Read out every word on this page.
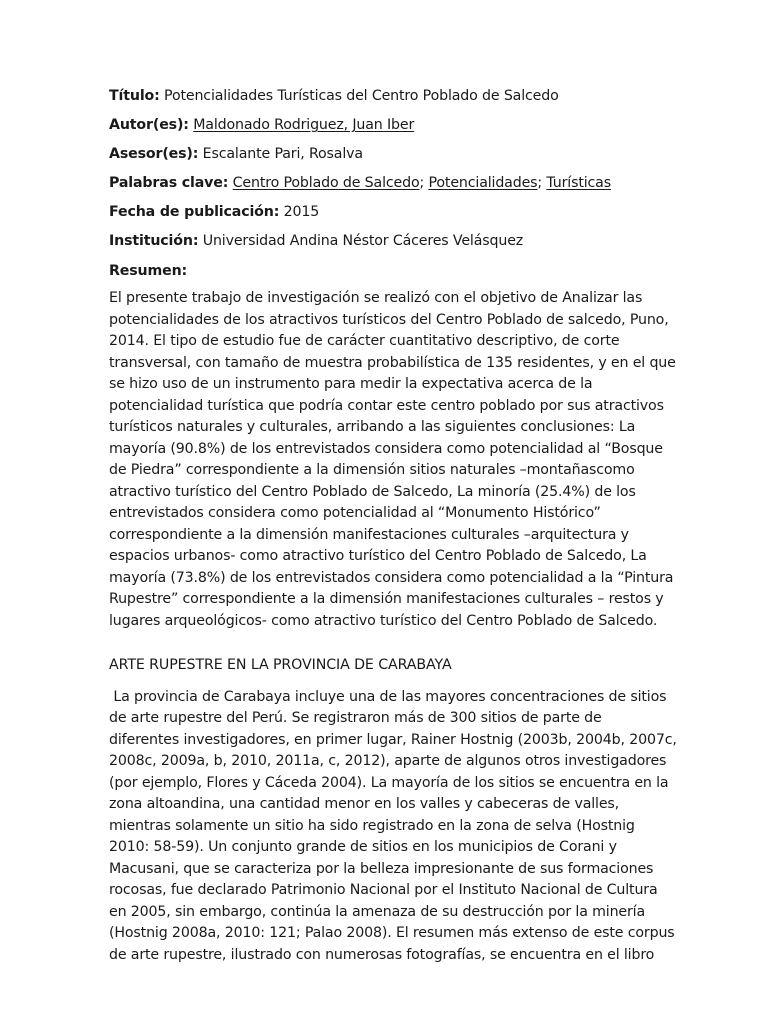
Título: Potencialidades Turísticas del Centro Poblado de Salcedo

Autor(es): Maldonado Rodriguez, Juan Iber

Asesor(es): Escalante Pari, Rosalva

Palabras clave: Centro Poblado de Salcedo; Potencialidades; Turísticas

Fecha de publicación: 2015

Institución: Universidad Andina Néstor Cáceres Velásquez

Resumen:

El presente trabajo de investigación se realizó con el objetivo de Analizar las
potencialidades de los atractivos turísticos del Centro Poblado de salcedo, Puno,
2014. El tipo de estudio fue de carácter cuantitativo descriptivo, de corte
transversal, con tamaño de muestra probabilística de 135 residentes, y en el que
se hizo uso de un instrumento para medir la expectativa acerca de la
potencialidad turística que podría contar este centro poblado por sus atractivos
turísticos naturales y culturales, arribando a las siguientes conclusiones: La
mayoría (90.8%) de los entrevistados considera como potencialidad al “Bosque
de Piedra” correspondiente a la dimensión sitios naturales –montañascomo
atractivo turístico del Centro Poblado de Salcedo, La minoría (25.4%) de los
entrevistados considera como potencialidad al “Monumento Histórico”
correspondiente a la dimensión manifestaciones culturales –arquitectura y
espacios urbanos- como atractivo turístico del Centro Poblado de Salcedo, La
mayoría (73.8%) de los entrevistados considera como potencialidad a la “Pintura
Rupestre” correspondiente a la dimensión manifestaciones culturales – restos y
lugares arqueológicos- como atractivo turístico del Centro Poblado de Salcedo.
ARTE RUPESTRE EN LA PROVINCIA DE CARABAYA
La provincia de Carabaya incluye una de las mayores concentraciones de sitios
de arte rupestre del Perú. Se registraron más de 300 sitios de parte de
diferentes investigadores, en primer lugar, Rainer Hostnig (2003b, 2004b, 2007c,
2008c, 2009a, b, 2010, 2011a, c, 2012), aparte de algunos otros investigadores
(por ejemplo, Flores y Cáceda 2004). La mayoría de los sitios se encuentra en la
zona altoandina, una cantidad menor en los valles y cabeceras de valles,
mientras solamente un sitio ha sido registrado en la zona de selva (Hostnig
2010: 58-59). Un conjunto grande de sitios en los municipios de Corani y
Macusani, que se caracteriza por la belleza impresionante de sus formaciones
rocosas, fue declarado Patrimonio Nacional por el Instituto Nacional de Cultura
en 2005, sin embargo, continúa la amenaza de su destrucción por la minería
(Hostnig 2008a, 2010: 121; Palao 2008). El resumen más extenso de este corpus
de arte rupestre, ilustrado con numerosas fotografías, se encuentra en el libro
